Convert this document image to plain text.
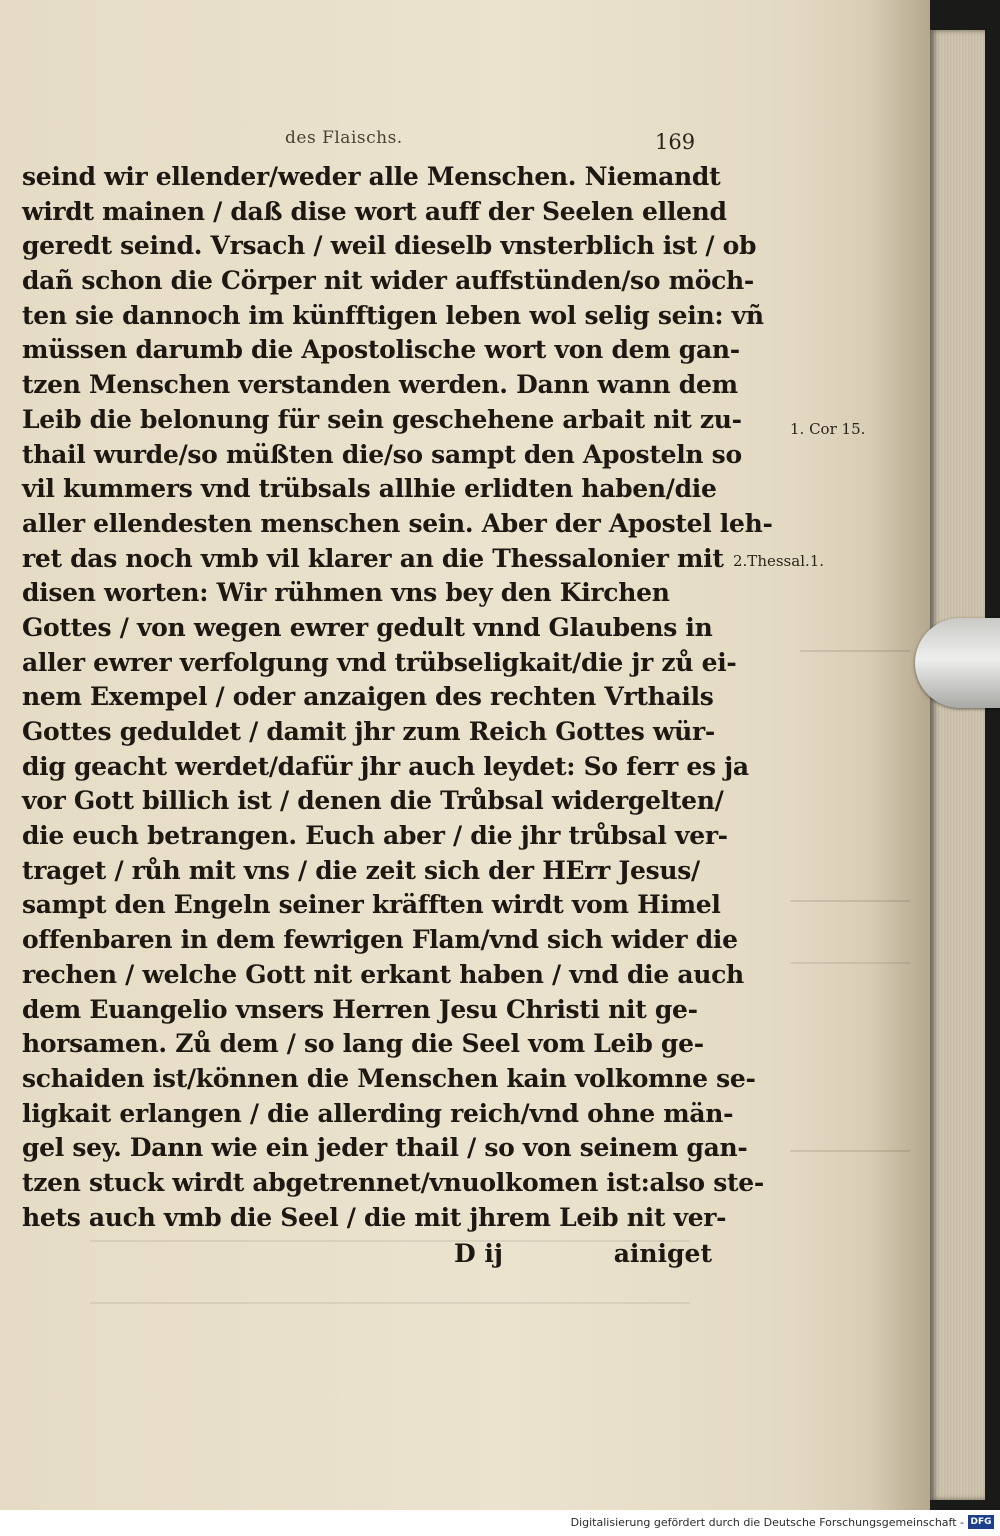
des Flaischs.	169
seind wir ellender/weder alle Menschen. Niemandt
wirdt mainen / daß dise wort auff der Seelen ellend
geredt seind. Vrsach / weil dieselb vnsterblich ist / ob
dañ schon die Cörper nit wider auffstünden/so möch-
ten sie dannoch im künfftigen leben wol selig sein: vñ
müssen darumb die Apostolische wort von dem gan-
tzen Menschen verstanden werden. Dann wann dem
Leib die belonung für sein geschehene arbait nit zu-
thail wurde/so müßten die/so sampt den Aposteln so
vil kummers vnd trübsals allhie erlidten haben/die
aller ellendesten menschen sein. Aber der Apostel leh-
ret das noch vmb vil klarer an die Thessalonier mit
disen worten: Wir rühmen vns bey den Kirchen
Gottes / von wegen ewrer gedult vnnd Glaubens in
aller ewrer verfolgung vnd trübseligkait/die jr zů ei-
nem Exempel / oder anzaigen des rechten Vrthails
Gottes geduldet / damit jhr zum Reich Gottes wür-
dig geacht werdet/dafür jhr auch leydet: So ferr es ja
vor Gott billich ist / denen die Trůbsal widergelten/
die euch betrangen. Euch aber / die jhr trůbsal ver-
traget / růh mit vns / die zeit sich der HErr Jesus/
sampt den Engeln seiner kräfften wirdt vom Himel
offenbaren in dem fewrigen Flam/vnd sich wider die
rechen / welche Gott nit erkant haben / vnd die auch
dem Euangelio vnsers Herren Jesu Christi nit ge-
horsamen. Zů dem / so lang die Seel vom Leib ge-
schaiden ist/können die Menschen kain volkomne se-
ligkait erlangen / die allerding reich/vnd ohne män-
gel sey. Dann wie ein jeder thail / so von seinem gan-
tzen stuck wirdt abgetrennet/vnuolkomen ist:also ste-
hets auch vmb die Seel / die mit jhrem Leib nit ver-
D ij	ainiget
1. Cor 15.
2.Thessal.1.
Digitalisierung gefördert durch die Deutsche Forschungsgemeinschaft - DFG
